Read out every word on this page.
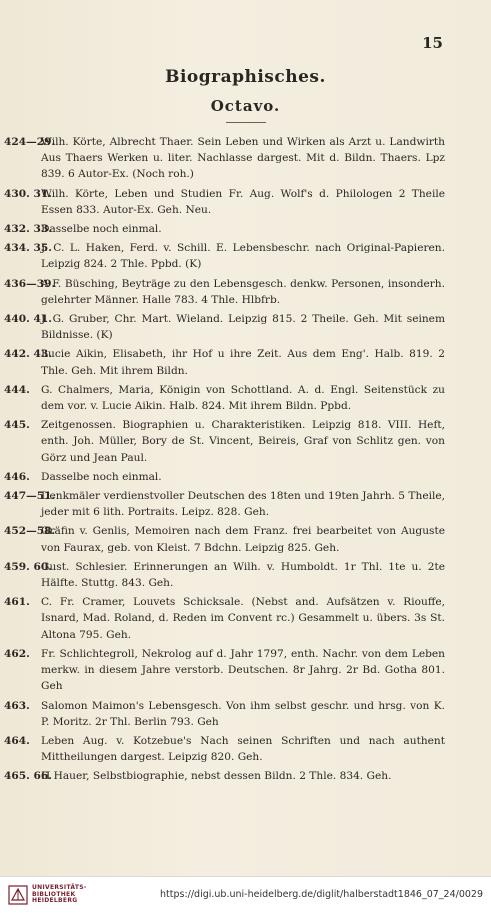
15
Biographisches.
Octavo.
424—29.
Wilh. Körte, Albrecht Thaer. Sein Leben und Wirken als Arzt u. Landwirth Aus Thaers Werken u. liter. Nachlasse dargest. Mit d. Bildn. Thaers. Lpz 839. 6 Autor-Ex. (Noch roh.)
430. 31.
Wilh. Körte, Leben und Studien Fr. Aug. Wolf's d. Philologen 2 Theile Essen 833. Autor-Ex. Geh. Neu.
432. 33.
Dasselbe noch einmal.
434. 35.
J. C. L. Haken, Ferd. v. Schill. E. Lebensbeschr. nach Original-Papieren. Leipzig 824. 2 Thle. Ppbd. (K)
436—39.
A F. Büsching, Beyträge zu den Lebensgesch. denkw. Personen, insonderh. gelehrter Männer. Halle 783. 4 Thle. Hlbfrb.
440. 41.
J. G. Gruber, Chr. Mart. Wieland. Leipzig 815. 2 Theile. Geh. Mit seinem Bildnisse. (K)
442. 43.
Lucie Aikin, Elisabeth, ihr Hof u ihre Zeit. Aus dem Eng'. Halb. 819. 2 Thle. Geh. Mit ihrem Bildn.
444. G. Chalmers, Maria, Königin von Schottland. A. d. Engl. Seitenstück zu dem vor. v. Lucie Aikin. Halb. 824. Mit ihrem Bildn. Ppbd.
445. Zeitgenossen. Biographien u. Charakteristiken. Leipzig 818. VIII. Heft, enth. Joh. Müller, Bory de St. Vincent, Beireis, Graf von Schlitz gen. von Görz und Jean Paul.
446. Dasselbe noch einmal.
447—51.
Denkmäler verdienstvoller Deutschen des 18ten und 19ten Jahrh. 5 Theile, jeder mit 6 lith. Portraits. Leipz. 828. Geh.
452—58.
Gräfin v. Genlis, Memoiren nach dem Franz. frei bearbeitet von Auguste von Faurax, geb. von Kleist. 7 Bdchn. Leipzig 825. Geh.
459. 60.
Gust. Schlesier. Erinnerungen an Wilh. v. Humboldt. 1r Thl. 1te u. 2te Hälfte. Stuttg. 843. Geh.
461. C. Fr. Cramer, Louvets Schicksale. (Nebst and. Aufsätzen v. Riouffe, Isnard, Mad. Roland, d. Reden im Convent rc.) Gesammelt u. übers. 3s St. Altona 795. Geh.
462. Fr. Schlichtegroll, Nekrolog auf d. Jahr 1797, enth. Nachr. von dem Leben merkw. in diesem Jahre verstorb. Deutschen. 8r Jahrg. 2r Bd. Gotha 801. Geh
463. Salomon Maimon's Lebensgesch. Von ihm selbst geschr. und hrsg. von K. P. Moritz. 2r Thl. Berlin 793. Geh
464. Leben Aug. v. Kotzebue's Nach seinen Schriften und nach authent Mittheilungen dargest. Leipzig 820. Geh.
465. 66.
H Hauer, Selbstbiographie, nebst dessen Bildn. 2 Thle. 834. Geh.
UNIVERSITÄTS-
BIBLIOTHEK
HEIDELBERG
https://digi.ub.uni-heidelberg.de/diglit/halberstadt1846_07_24/0029
